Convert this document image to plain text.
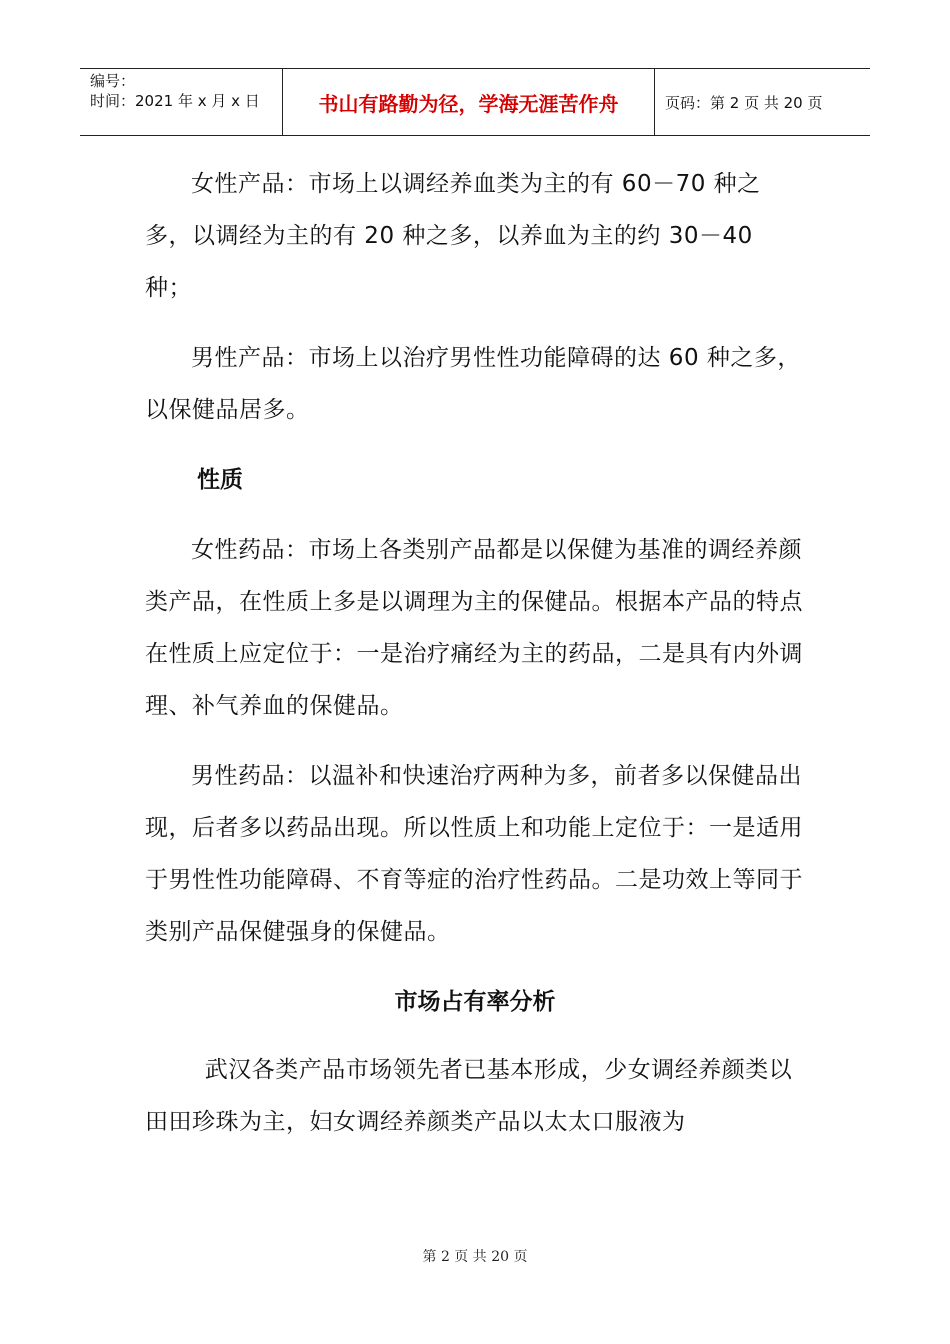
编号：
时间：2021 年 x 月 x 日	书山有路勤为径，学海无涯苦作舟	页码：第 2 页 共 20 页

女性产品：市场上以调经养血类为主的有 60－70 种之多，以调经为主的有 20 种之多，以养血为主的约 30－40 种；

男性产品：市场上以治疗男性性功能障碍的达 60 种之多，以保健品居多。

性质

女性药品：市场上各类别产品都是以保健为基准的调经养颜类产品，在性质上多是以调理为主的保健品。根据本产品的特点在性质上应定位于：一是治疗痛经为主的药品，二是具有内外调理、补气养血的保健品。

男性药品：以温补和快速治疗两种为多，前者多以保健品出现，后者多以药品出现。所以性质上和功能上定位于：一是适用于男性性功能障碍、不育等症的治疗性药品。二是功效上等同于类别产品保健强身的保健品。

市场占有率分析

武汉各类产品市场领先者已基本形成，少女调经养颜类以田田珍珠为主，妇女调经养颜类产品以太太口服液为

第 2 页 共 20 页
